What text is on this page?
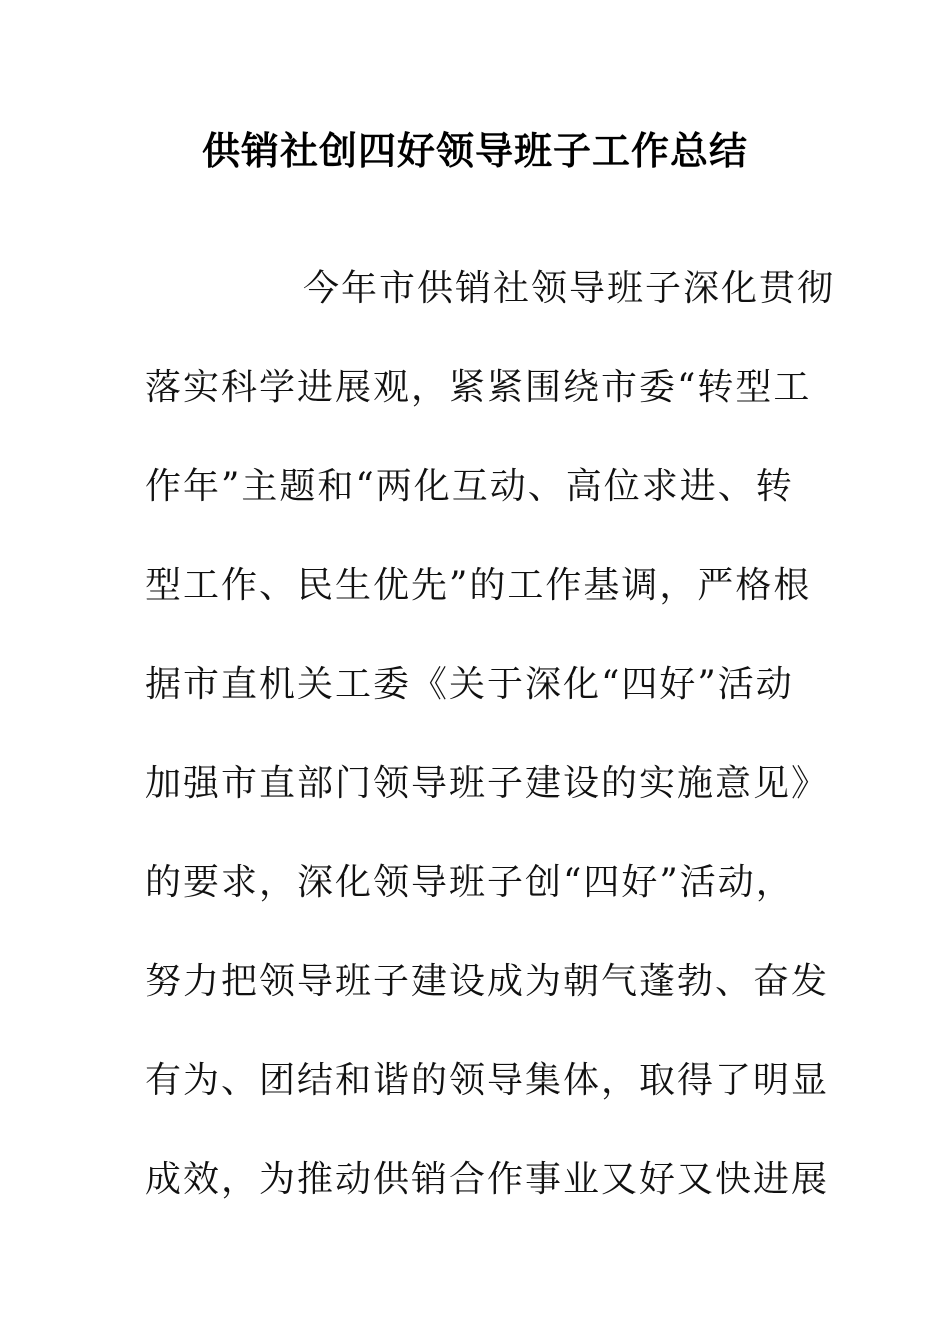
供销社创四好领导班子工作总结
今年市供销社领导班子深化贯彻
落实科学进展观，紧紧围绕市委“转型工
作年”主题和“两化互动、高位求进、转
型工作、民生优先”的工作基调，严格根
据市直机关工委《关于深化“四好”活动
加强市直部门领导班子建设的实施意见》
的要求，深化领导班子创“四好”活动，
努力把领导班子建设成为朝气蓬勃、奋发
有为、团结和谐的领导集体，取得了明显
成效，为推动供销合作事业又好又快进展
